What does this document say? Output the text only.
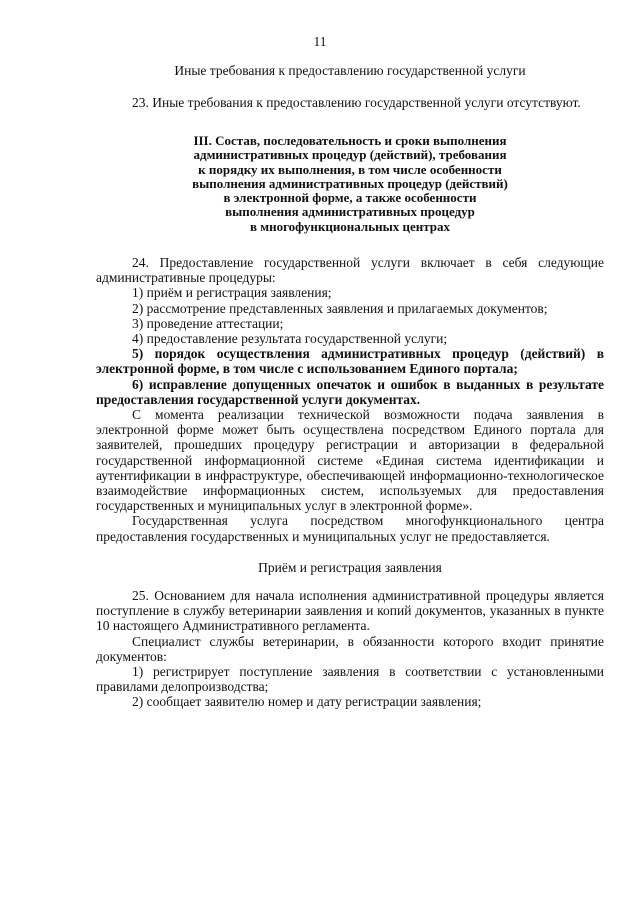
11
Иные требования к предоставлению государственной услуги

23. Иные требования к предоставлению государственной услуги отсутствуют.

III. Состав, последовательность и сроки выполнения
административных процедур (действий), требования
к порядку их выполнения, в том числе особенности
выполнения административных процедур (действий)
в электронной форме, а также особенности
выполнения административных процедур
в многофункциональных центрах

24. Предоставление государственной услуги включает в себя следующие административные процедуры:

1) приём и регистрация заявления;

2) рассмотрение представленных заявления и прилагаемых документов;

3) проведение аттестации;

4) предоставление результата государственной услуги;

5) порядок осуществления административных процедур (действий) в электронной форме, в том числе с использованием Единого портала;

6) исправление допущенных опечаток и ошибок в выданных в результате предоставления государственной услуги документах.

С момента реализации технической возможности подача заявления в электронной форме может быть осуществлена посредством Единого портала для заявителей, прошедших процедуру регистрации и авторизации в федеральной государственной информационной системе «Единая система идентификации и аутентификации в инфраструктуре, обеспечивающей информационно-технологическое взаимодействие информационных систем, используемых для предоставления государственных и муниципальных услуг в электронной форме».

Государственная услуга посредством многофункционального центра предоставления государственных и муниципальных услуг не предоставляется.

Приём и регистрация заявления

25. Основанием для начала исполнения административной процедуры является поступление в службу ветеринарии заявления и копий документов, указанных в пункте 10 настоящего Административного регламента.

Специалист службы ветеринарии, в обязанности которого входит принятие документов:

1) регистрирует поступление заявления в соответствии с установленными правилами делопроизводства;

2) сообщает заявителю номер и дату регистрации заявления;
